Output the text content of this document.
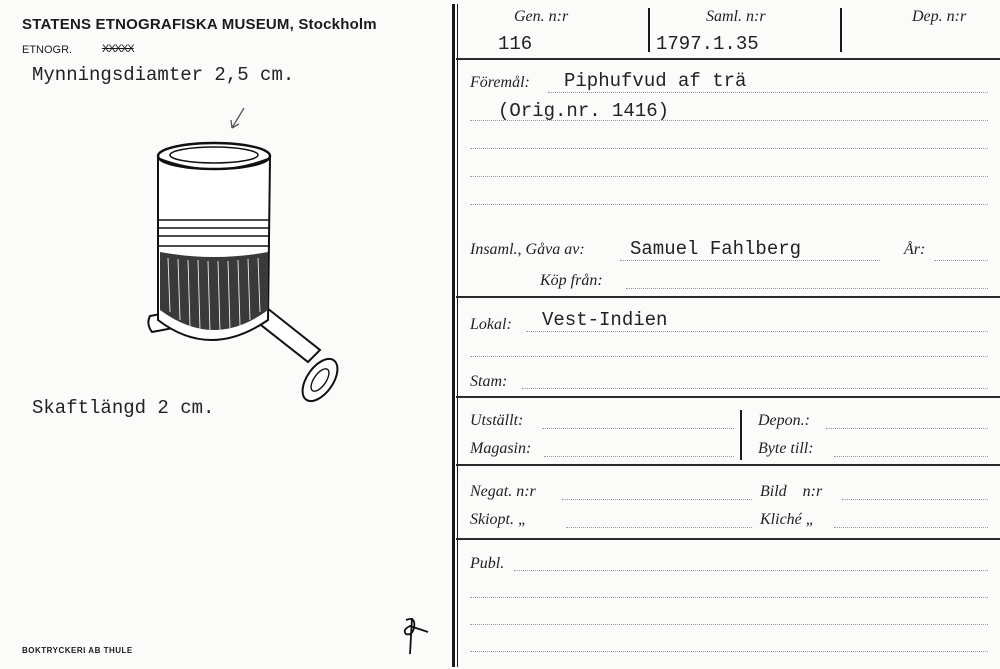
STATENS ETNOGRAFISKA MUSEUM, Stockholm
ETNOGR.	XXXXX
Mynningsdiamter 2,5 cm.
Skaftlängd 2 cm.
BOKTRYCKERI AB THULE
Gen. n:r
116
Saml. n:r
1797.1.35
Dep. n:r
Föremål: Piphufvud af trä
(Orig.nr. 1416)
Insaml., Gåva av: Samuel Fahlberg	År:
Köp från:
Lokal: Vest-Indien
Stam:
Utställt:	Depon.:
Magasin:	Byte till:
Negat. n:r	Bild    n:r
Skiopt. „	Kliché „
Publ.
